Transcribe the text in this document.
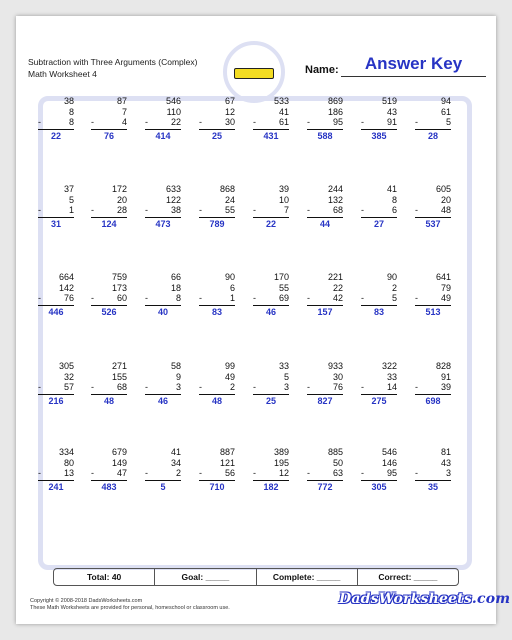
Subtraction with Three Arguments (Complex)
Math Worksheet 4	Name:	Answer Key
38
8
-	8
22
87
7
-	4
76
546
110
-	22
414
67
12
-	30
25
533
41
-	61
431
869
186
-	95
588
519
43
-	91
385
94
61
-	5
28
37
5
-	1
31
172
20
-	28
124
633
122
-	38
473
868
24
-	55
789
39
10
-	7
22
244
132
-	68
44
41
8
-	6
27
605
20
-	48
537
664
142
-	76
446
759
173
-	60
526
66
18
-	8
40
90
6
-	1
83
170
55
-	69
46
221
22
-	42
157
90
2
-	5
83
641
79
-	49
513
305
32
-	57
216
271
155
-	68
48
58
9
-	3
46
99
49
-	2
48
33
5
-	3
25
933
30
-	76
827
322
33
-	14
275
828
91
-	39
698
334
80
-	13
241
679
149
-	47
483
41
34
-	2
5
887
121
-	56
710
389
195
-	12
182
885
50
-	63
772
546
146
-	95
305
81
43
-	3
35
Total: 40	Goal: _____	Complete: _____	Correct: _____
Copyright © 2008-2018 DadsWorksheets.com
These Math Worksheets are provided for personal, homeschool or classroom use.
DadsWorksheets.com
